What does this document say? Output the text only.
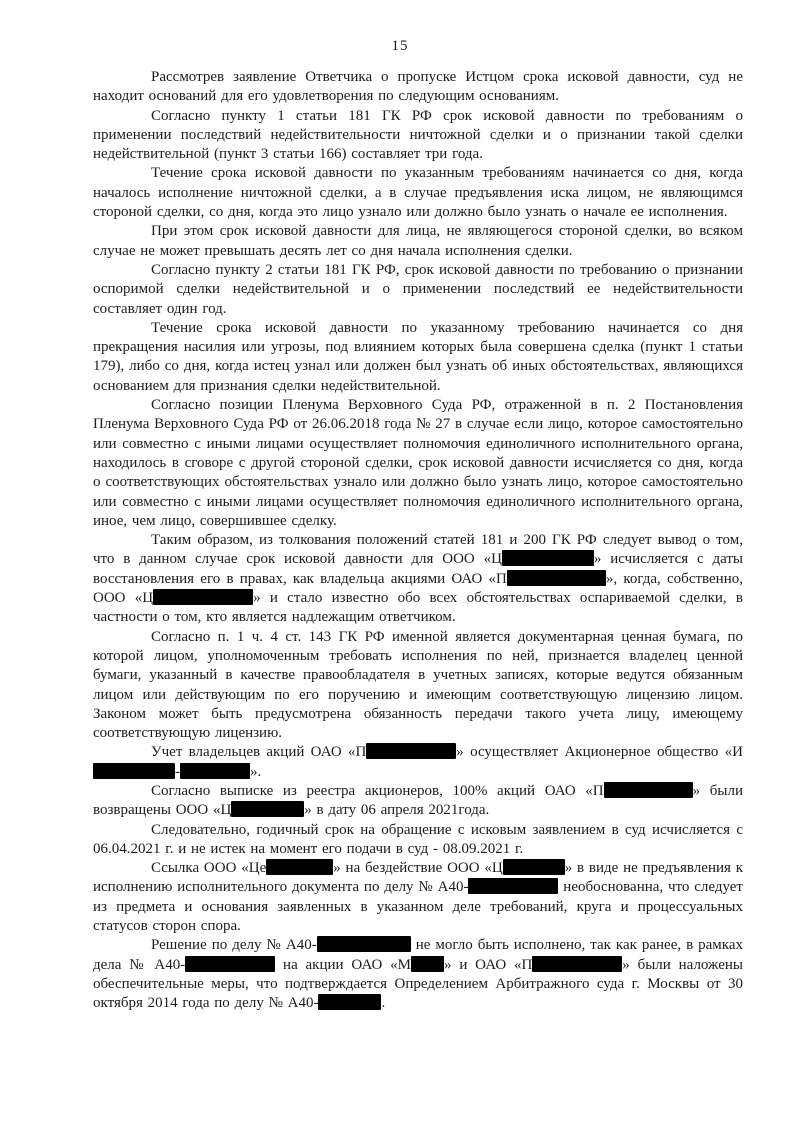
15

Рассмотрев заявление Ответчика о пропуске Истцом срока исковой давности, суд не находит оснований для его удовлетворения по следующим основаниям.

Согласно пункту 1 статьи 181 ГК РФ срок исковой давности по требованиям о применении последствий недействительности ничтожной сделки и о признании такой сделки недействительной (пункт 3 статьи 166) составляет три года.

Течение срока исковой давности по указанным требованиям начинается со дня, когда началось исполнение ничтожной сделки, а в случае предъявления иска лицом, не являющимся стороной сделки, со дня, когда это лицо узнало или должно было узнать о начале ее исполнения.

При этом срок исковой давности для лица, не являющегося стороной сделки, во всяком случае не может превышать десять лет со дня начала исполнения сделки.

Согласно пункту 2 статьи 181 ГК РФ, срок исковой давности по требованию о признании оспоримой сделки недействительной и о применении последствий ее недействительности составляет один год.

Течение срока исковой давности по указанному требованию начинается со дня прекращения насилия или угрозы, под влиянием которых была совершена сделка (пункт 1 статьи 179), либо со дня, когда истец узнал или должен был узнать об иных обстоятельствах, являющихся основанием для признания сделки недействительной.

Согласно позиции Пленума Верховного Суда РФ, отраженной в п. 2 Постановления Пленума Верховного Суда РФ от 26.06.2018 года № 27 в случае если лицо, которое самостоятельно или совместно с иными лицами осуществляет полномочия единоличного исполнительного органа, находилось в сговоре с другой стороной сделки, срок исковой давности исчисляется со дня, когда о соответствующих обстоятельствах узнало или должно было узнать лицо, которое самостоятельно или совместно с иными лицами осуществляет полномочия единоличного исполнительного органа, иное, чем лицо, совершившее сделку.

Таким образом, из толкования положений статей 181 и 200 ГК РФ следует вывод о том, что в данном случае срок исковой давности для ООО «Ц	» исчисляется с даты восстановления его в правах, как владельца акциями ОАО «П	», когда, собственно, ООО «Ц	» и стало известно обо всех обстоятельствах оспариваемой сделки, в частности о том, кто является надлежащим ответчиком.

Согласно п. 1 ч. 4 ст. 143 ГК РФ именной является документарная ценная бумага, по которой лицом, уполномоченным требовать исполнения по ней, признается владелец ценной бумаги, указанный в качестве правообладателя в учетных записях, которые ведутся обязанным лицом или действующим по его поручению и имеющим соответствующую лицензию лицом. Законом может быть предусмотрена обязанность передачи такого учета лицу, имеющему соответствующую лицензию.

Учет владельцев акций ОАО «П	» осуществляет Акционерное общество «И-	».

Согласно выписке из реестра акционеров, 100% акций ОАО «П	» были возвращены ООО «Ц	» в дату 06 апреля 2021года.

Следовательно, годичный срок на обращение с исковым заявлением в суд исчисляется с 06.04.2021 г. и не истек на момент его подачи в суд - 08.09.2021 г.

Ссылка ООО «Це	» на бездействие ООО «Ц	» в виде не предъявления к исполнению исполнительного документа по делу № А40-	необоснованна, что следует из предмета и основания заявленных в указанном деле требований, круга и процессуальных статусов сторон спора.

Решение по делу № А40-	не могло быть исполнено, так как ранее, в рамках дела № А40-	на акции ОАО «М » и ОАО «П	» были наложены обеспечительные меры, что подтверждается Определением Арбитражного суда г. Москвы от 30 октября 2014 года по делу № А40-	.
